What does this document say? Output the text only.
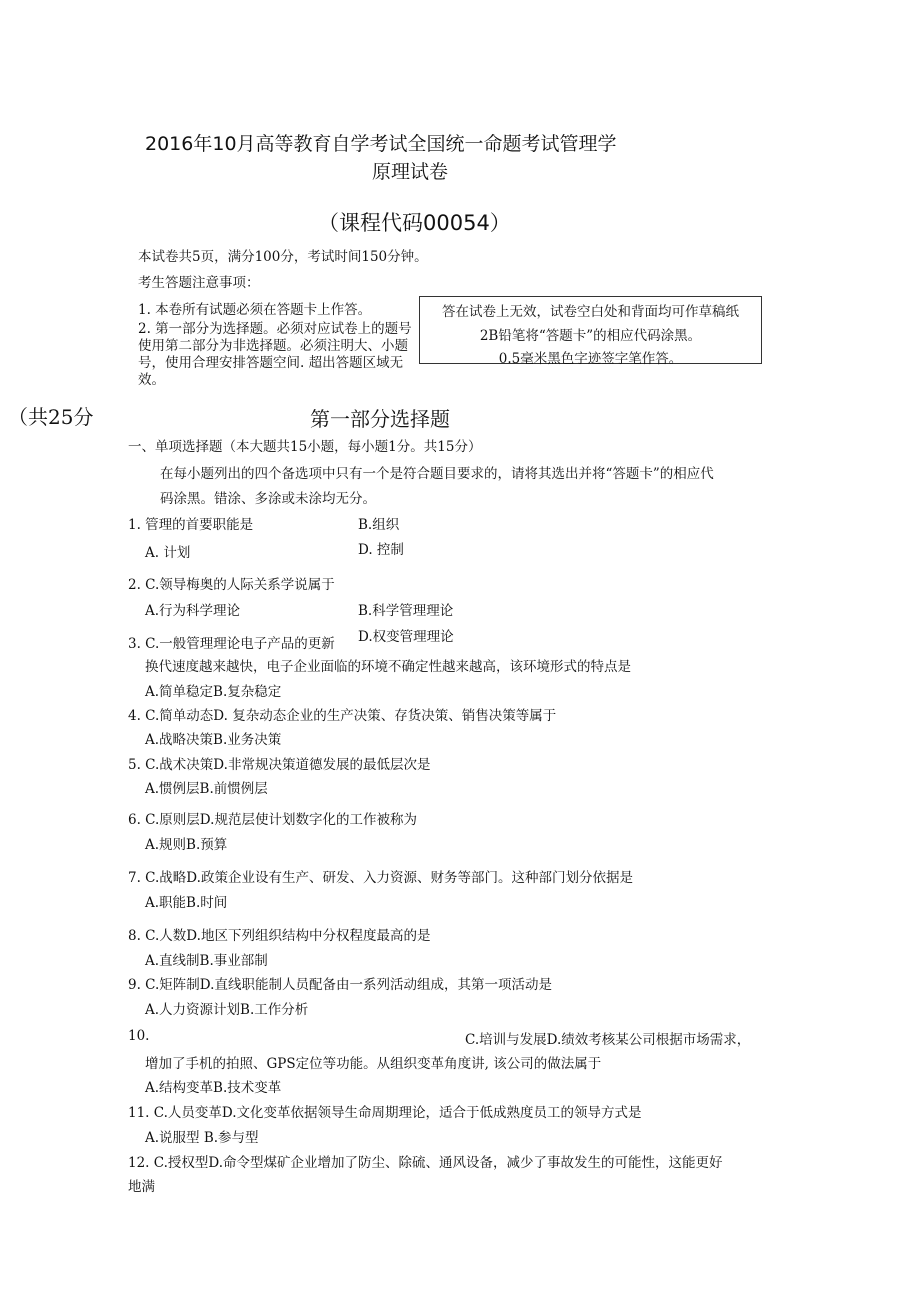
2016年10月高等教育自学考试全国统一命题考试管理学
原理试卷
（课程代码00054）
本试卷共5页，满分100分，考试时间150分钟。
考生答题注意事项：
1. 本卷所有试题必须在答题卡上作答。
2. 第一部分为选择题。必须对应试卷上的题号使用第二部分为非选择题。必须注明大、小题号，使用合理安排答题空间. 超出答题区域无效。
答在试卷上无效，试卷空白处和背面均可作草稿纸
2B铅笔将“答题卡”的相应代码涂黑。
0.5毫米黑色字迹签字笔作答。
（共25分	第一部分选择题
一、单项选择题（本大题共15小题，每小题1分。共15分）
在每小题列出的四个备选项中只有一个是符合题目要求的，请将其选出并将“答题卡”的相应代
码涂黑。错涂、多涂或未涂均无分。
1. 管理的首要职能是	B.组织
A. 计划	D. 控制
2. C.领导梅奥的人际关系学说属于
A.行为科学理论	B.科学管理理论
D.权变管理理论
3. C.一般管理理论电子产品的更新
换代速度越来越快，电子企业面临的环境不确定性越来越高，该环境形式的特点是
A.简单稳定B.复杂稳定
4. C.简单动态D. 复杂动态企业的生产决策、存货决策、销售决策等属于
A.战略决策B.业务决策
5. C.战术决策D.非常规决策道德发展的最低层次是
A.惯例层B.前惯例层
6. C.原则层D.规范层使计划数字化的工作被称为
A.规则B.预算
7. C.战略D.政策企业设有生产、研发、入力资源、财务等部门。这种部门划分依据是
A.职能B.时间
8. C.人数D.地区下列组织结构中分权程度最高的是
A.直线制B.事业部制
9. C.矩阵制D.直线职能制人员配备由一系列活动组成，其第一项活动是
A.人力资源计划B.工作分析
10.	C.培训与发展D.绩效考核某公司根据市场需求，
增加了手机的拍照、GPS定位等功能。从组织变革角度讲, 该公司的做法属于
A.结构变革B.技术变革
11. C.人员变革D.文化变革依据领导生命周期理论，适合于低成熟度员工的领导方式是
A.说服型 B.参与型
12. C.授权型D.命令型煤矿企业增加了防尘、除硫、通风设备，减少了事故发生的可能性，这能更好
地满
